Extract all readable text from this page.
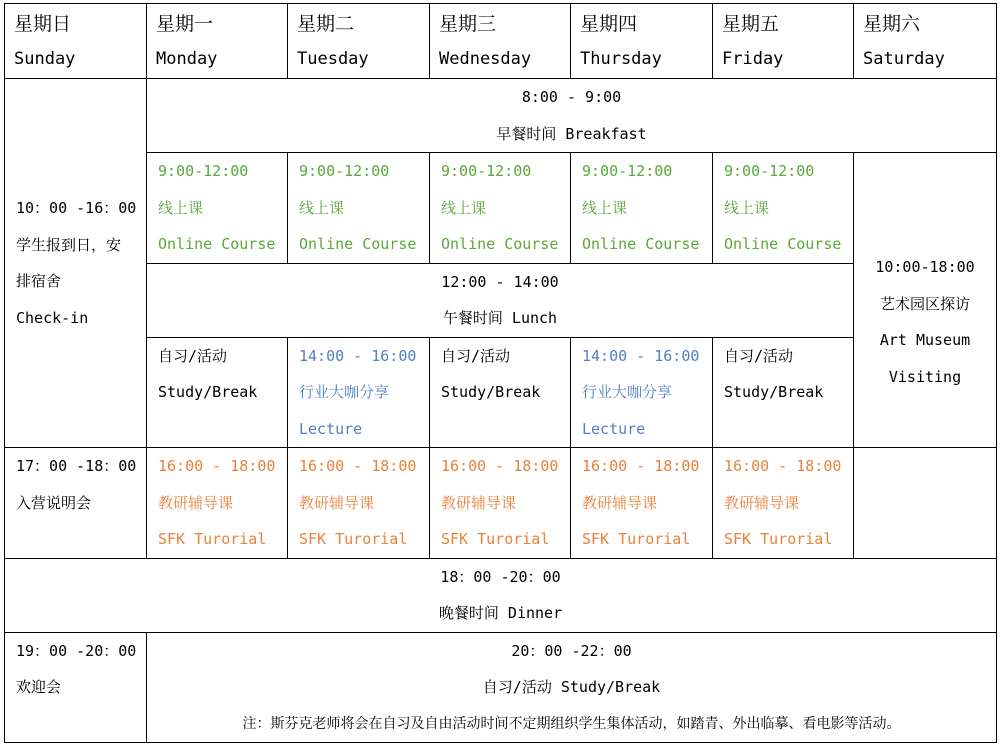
星期日
Sunday	星期一
Monday	星期二
Tuesday	星期三
Wednesday	星期四
Thursday	星期五
Friday	星期六
Saturday

10：00 -16：00
学生报到日，安
排宿舍
Check-in	8:00 - 9:00
早餐时间 Breakfast					

	9:00-12:00
线上课
Online Course	9:00-12:00
线上课
Online Course	9:00-12:00
线上课
Online Course	9:00-12:00
线上课
Online Course	9:00-12:00
线上课
Online Course	10:00-18:00
艺术园区探访
Art Museum
Visiting

	12:00 - 14:00
午餐时间 Lunch					

	自习/活动
Study/Break	14:00 - 16:00
行业大咖分享
Lecture	自习/活动
Study/Break	14:00 - 16:00
行业大咖分享
Lecture	自习/活动
Study/Break	

17：00 -18：00
入营说明会	16:00 - 18:00
教研辅导课
SFK Turorial	16:00 - 18:00
教研辅导课
SFK Turorial	16:00 - 18:00
教研辅导课
SFK Turorial	16:00 - 18:00
教研辅导课
SFK Turorial	16:00 - 18:00
教研辅导课
SFK Turorial	

18：00 -20：00
晚餐时间 Dinner						

19：00 -20：00
欢迎会	20：00 -22：00
自习/活动 Study/Break
注：斯芬克老师将会在自习及自由活动时间不定期组织学生集体活动，如踏青、外出临摹、看电影等活动。					
